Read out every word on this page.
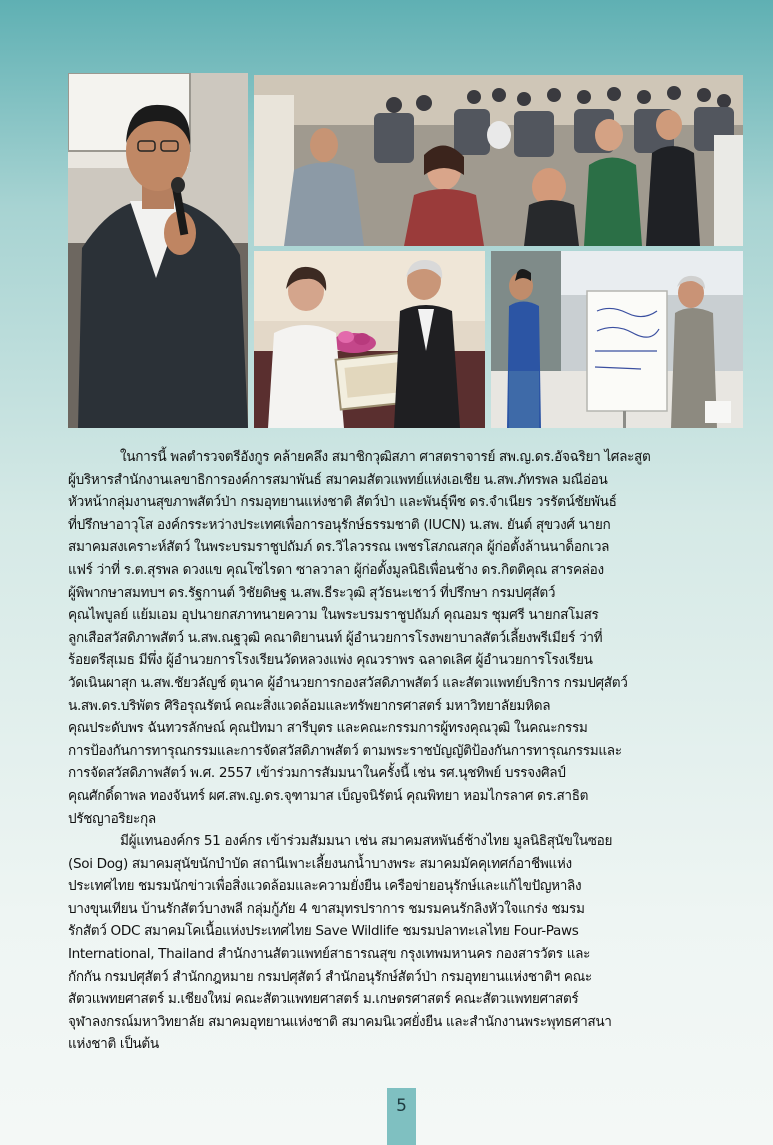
ในการนี้ พลตำรวจตรีอังกูร คล้ายคลึง สมาชิกวุฒิสภา ศาสตราจารย์ สพ.ญ.ดร.อัจฉริยา ไศละสูต
ผู้บริหารสำนักงานเลขาธิการองค์การสมาพันธ์ สมาคมสัตวแพทย์แห่งเอเชีย น.สพ.ภัทรพล มณีอ่อน
หัวหน้ากลุ่มงานสุขภาพสัตว์ป่า กรมอุทยานแห่งชาติ สัตว์ป่า และพันธุ์พืช ดร.จำเนียร วรรัตน์ชัยพันธ์
ที่ปรึกษาอาวุโส องค์กรระหว่างประเทศเพื่อการอนุรักษ์ธรรมชาติ (IUCN) น.สพ. ยันต์ สุขวงศ์ นายก
สมาคมสงเคราะห์สัตว์ ในพระบรมราชูปถัมภ์ ดร.วิไลวรรณ เพชรโสภณสกุล ผู้ก่อตั้งล้านนาด็อกเวล
แฟร์ ว่าที่ ร.ต.สุรพล ดวงแข คุณโซไรดา ซาลวาลา ผู้ก่อตั้งมูลนิธิเพื่อนช้าง ดร.กิตติคุณ สารคล่อง
ผู้พิพากษาสมทบฯ ดร.รัฐกานต์ วิชัยดิษฐ น.สพ.ธีระวุฒิ สุวัธนะเชาว์ ที่ปรึกษา กรมปศุสัตว์
คุณไพบูลย์ แย้มเอม อุปนายกสภาทนายความ ในพระบรมราชูปถัมภ์ คุณอมร ชุมศรี นายกสโมสร
ลูกเสือสวัสดิภาพสัตว์ น.สพ.ณฐวุฒิ คณาติยานนท์ ผู้อำนวยการโรงพยาบาลสัตว์เลี้ยงพรีเมียร์ ว่าที่
ร้อยตรีสุเมธ มีพึ่ง ผู้อำนวยการโรงเรียนวัดหลวงแพ่ง คุณวราพร ฉลาดเลิศ ผู้อำนวยการโรงเรียน
วัดเนินผาสุก น.สพ.ชัยวลัญช์ ตุนาค ผู้อำนวยการกองสวัสดิภาพสัตว์ และสัตวแพทย์บริการ กรมปศุสัตว์
น.สพ.ดร.บริพัตร ศิริอรุณรัตน์ คณะสิ่งแวดล้อมและทรัพยากรศาสตร์ มหาวิทยาลัยมหิดล
คุณประดับพร ฉันทวรลักษณ์ คุณปัทมา สารีบุตร และคณะกรรมการผู้ทรงคุณวุฒิ ในคณะกรรม
การป้องกันการทารุณกรรมและการจัดสวัสดิภาพสัตว์ ตามพระราชบัญญัติป้องกันการทารุณกรรมและ
การจัดสวัสดิภาพสัตว์ พ.ศ. 2557 เข้าร่วมการสัมมนาในครั้งนี้ เช่น รศ.นุชทิพย์ บรรจงศิลป์
คุณศักดิ์ดาพล ทองจันทร์ ผศ.สพ.ญ.ดร.จุฑามาส เบ็ญจนิรัตน์ คุณพิทยา หอมไกรลาศ ดร.สาธิต
ปรัชญาอริยะกุล

มีผู้แทนองค์กร 51 องค์กร เข้าร่วมสัมมนา เช่น สมาคมสหพันธ์ช้างไทย มูลนิธิสุนัขในซอย
(Soi Dog) สมาคมสุนัขนักบำบัด สถานีเพาะเลี้ยงนกน้ำบางพระ สมาคมมัคคุเทศก์อาชีพแห่ง
ประเทศไทย ชมรมนักข่าวเพื่อสิ่งแวดล้อมและความยั่งยืน เครือข่ายอนุรักษ์และแก้ไขปัญหาลิง
บางขุนเทียน บ้านรักสัตว์บางพลี กลุ่มกู้ภัย 4 ขาสมุทรปราการ ชมรมคนรักลิงหัวใจแกร่ง ชมรม
รักสัตว์ ODC สมาคมโคเนื้อแห่งประเทศไทย Save Wildlife ชมรมปลาทะเลไทย Four-Paws
International, Thailand สำนักงานสัตวแพทย์สาธารณสุข กรุงเทพมหานคร กองสารวัตร และ
กักกัน กรมปศุสัตว์ สำนักกฎหมาย กรมปศุสัตว์ สำนักอนุรักษ์สัตว์ป่า กรมอุทยานแห่งชาติฯ คณะ
สัตวแพทยศาสตร์ ม.เชียงใหม่ คณะสัตวแพทยศาสตร์ ม.เกษตรศาสตร์ คณะสัตวแพทยศาสตร์
จุฬาลงกรณ์มหาวิทยาลัย สมาคมอุทยานแห่งชาติ สมาคมนิเวศยั่งยืน และสำนักงานพระพุทธศาสนา
แห่งชาติ เป็นต้น

5
